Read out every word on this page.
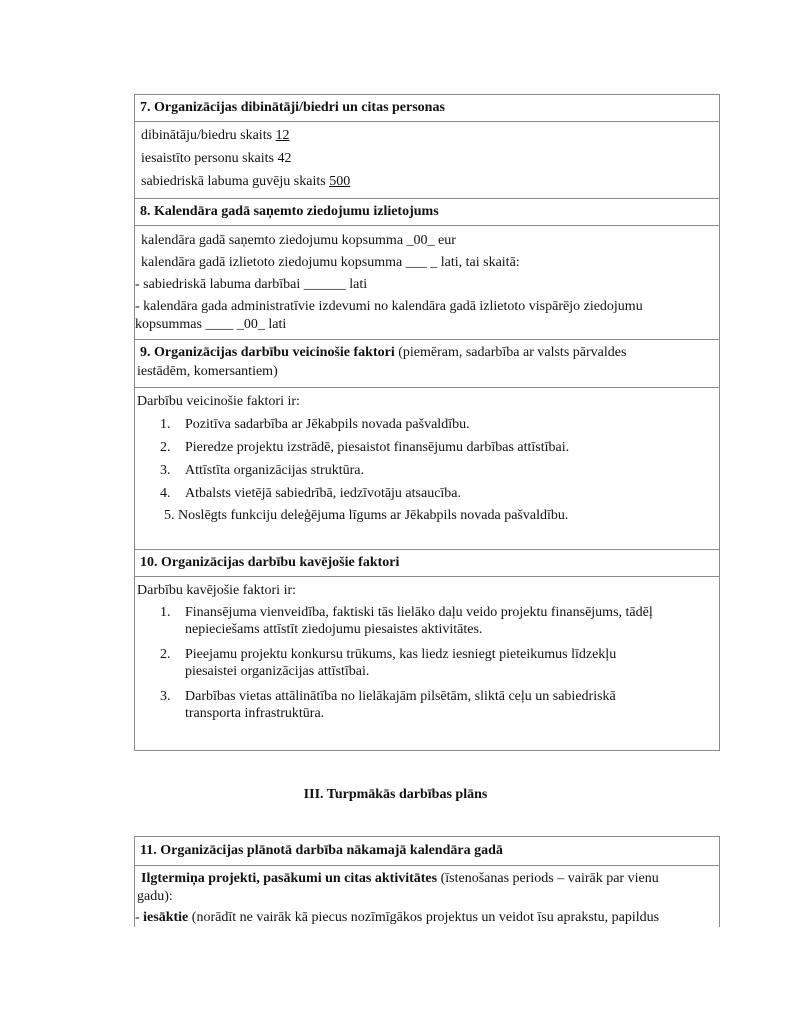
7. Organizācijas dibinātāji/biedri un citas personas
dibinātāju/biedru skaits 12
iesaistīto personu skaits 42
sabiedriskā labuma guvēju skaits 500
8. Kalendāra gadā saņemto ziedojumu izlietojums
kalendāra gadā saņemto ziedojumu kopsumma _00_ eur
kalendāra gadā izlietoto ziedojumu kopsumma ___ _ lati, tai skaitā:
- sabiedriskā labuma darbībai ______ lati
- kalendāra gada administratīvie izdevumi no kalendāra gadā izlietoto vispārējo ziedojumu
kopsummas ____ _00_ lati
9. Organizācijas darbību veicinošie faktori (piemēram, sadarbība ar valsts pārvaldes
iestādēm, komersantiem)
Darbību veicinošie faktori ir:
1. Pozitīva sadarbība ar Jēkabpils novada pašvaldību.
2. Pieredze projektu izstrādē, piesaistot finansējumu darbības attīstībai.
3. Attīstīta organizācijas struktūra.
4. Atbalsts vietējā sabiedrībā, iedzīvotāju atsaucība.
5. Noslēgts funkciju deleģējuma līgums ar Jēkabpils novada pašvaldību.
10. Organizācijas darbību kavējošie faktori
Darbību kavējošie faktori ir:
1. Finansējuma vienveidība, faktiski tās lielāko daļu veido projektu finansējums, tādēļ
nepieciešams attīstīt ziedojumu piesaistes aktivitātes.
2. Pieejamu projektu konkursu trūkums, kas liedz iesniegt pieteikumus līdzekļu
piesaistei organizācijas attīstībai.
3. Darbības vietas attālinātība no lielākajām pilsētām, sliktā ceļu un sabiedriskā
transporta infrastruktūra.
III. Turpmākās darbības plāns
11. Organizācijas plānotā darbība nākamajā kalendāra gadā
Ilgtermiņa projekti, pasākumi un citas aktivitātes (īstenošanas periods – vairāk par vienu
gadu):
- iesāktie (norādīt ne vairāk kā piecus nozīmīgākos projektus un veidot īsu aprakstu, papildus
